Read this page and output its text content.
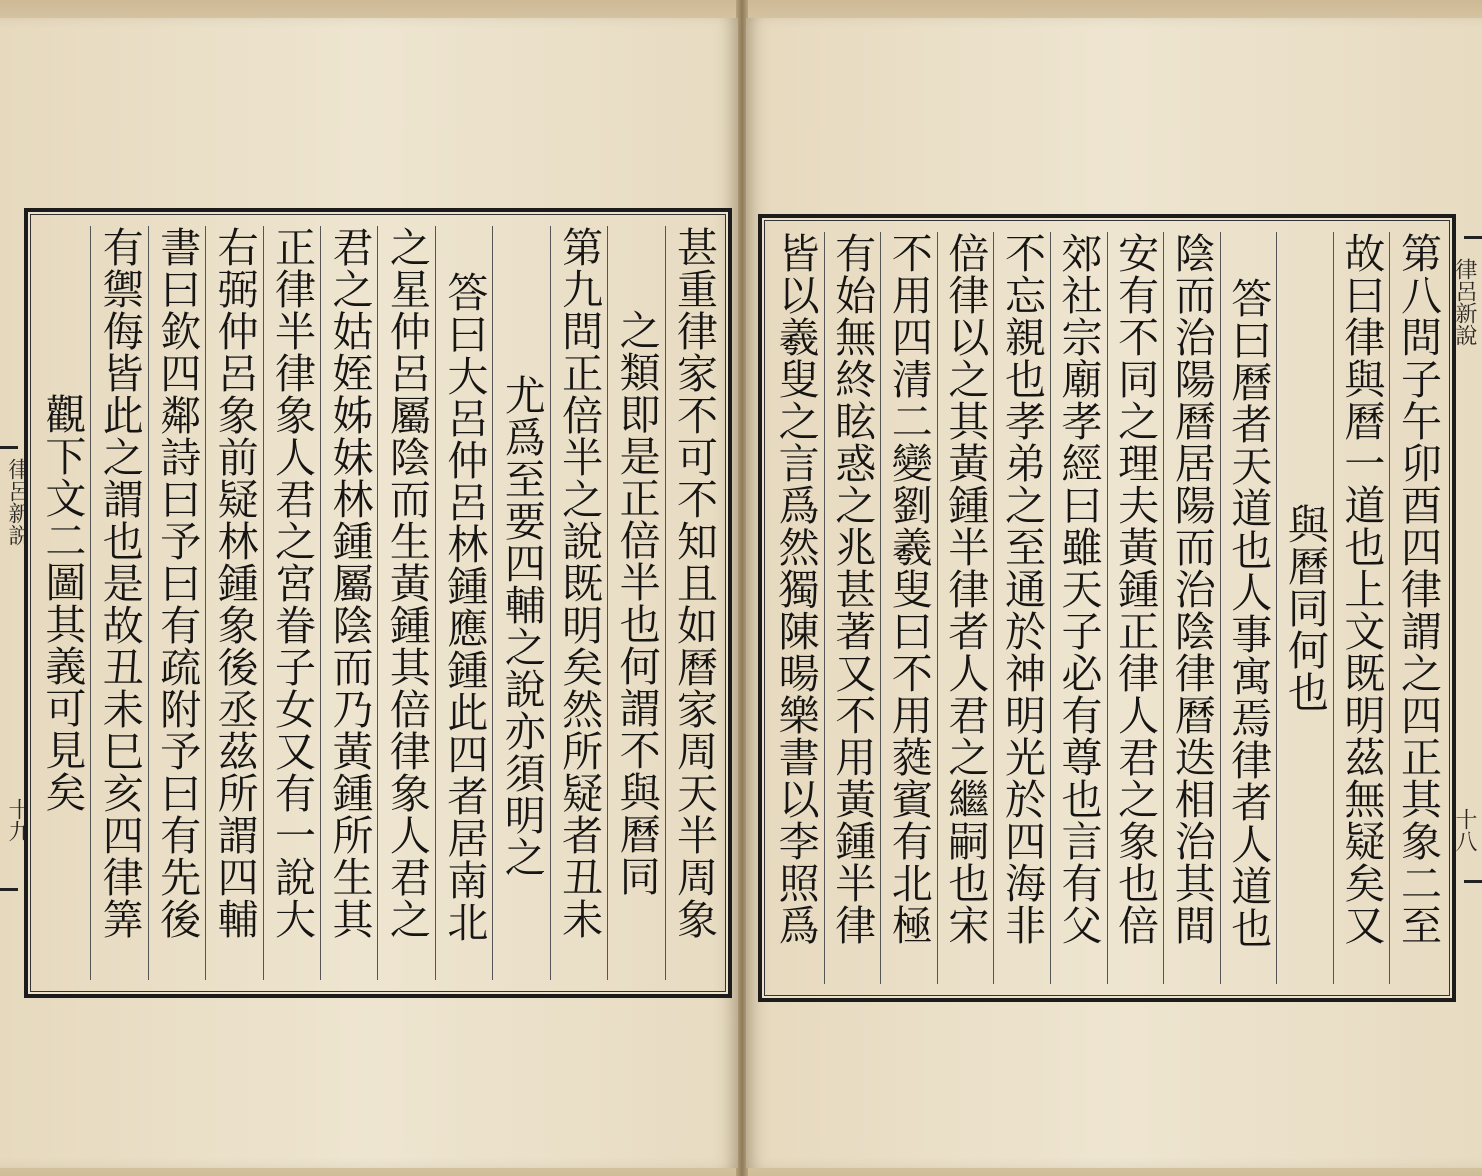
律呂新説
十九
甚重律家不可不知且如曆家周天半周象
之類即是正倍半也何謂不與曆同
第九問正倍半之說既明矣然所疑者丑未
尤爲至要四輔之說亦須明之
答曰大呂仲呂林鍾應鍾此四者居南北
之星仲呂屬陰而生黃鍾其倍律象人君之
君之姑姪姊妹林鍾屬陰而乃黃鍾所生其
正律半律象人君之宮眷子女又有一說大
右弼仲呂象前疑林鍾象後丞茲所謂四輔
書曰欽四鄰詩曰予曰有疏附予曰有先後
有禦侮皆此之謂也是故丑未巳亥四律筭
觀下文二圖其義可見矣
律呂新說
十八
第八問子午卯酉四律謂之四正其象二至
故曰律與曆一道也上文既明茲無疑矣又
與曆同何也
答曰曆者天道也人事寓焉律者人道也
陰而治陽曆居陽而治陰律曆迭相治其間
安有不同之理夫黃鍾正律人君之象也倍
郊社宗廟孝經曰雖天子必有尊也言有父
不忘親也孝弟之至通於神明光於四海非
倍律以之其黃鍾半律者人君之繼嗣也宋
不用四清二變劉羲叟曰不用蕤賓有北極
有始無終眩惑之兆甚著又不用黃鍾半律
皆以羲叟之言爲然獨陳暘樂書以李照爲
